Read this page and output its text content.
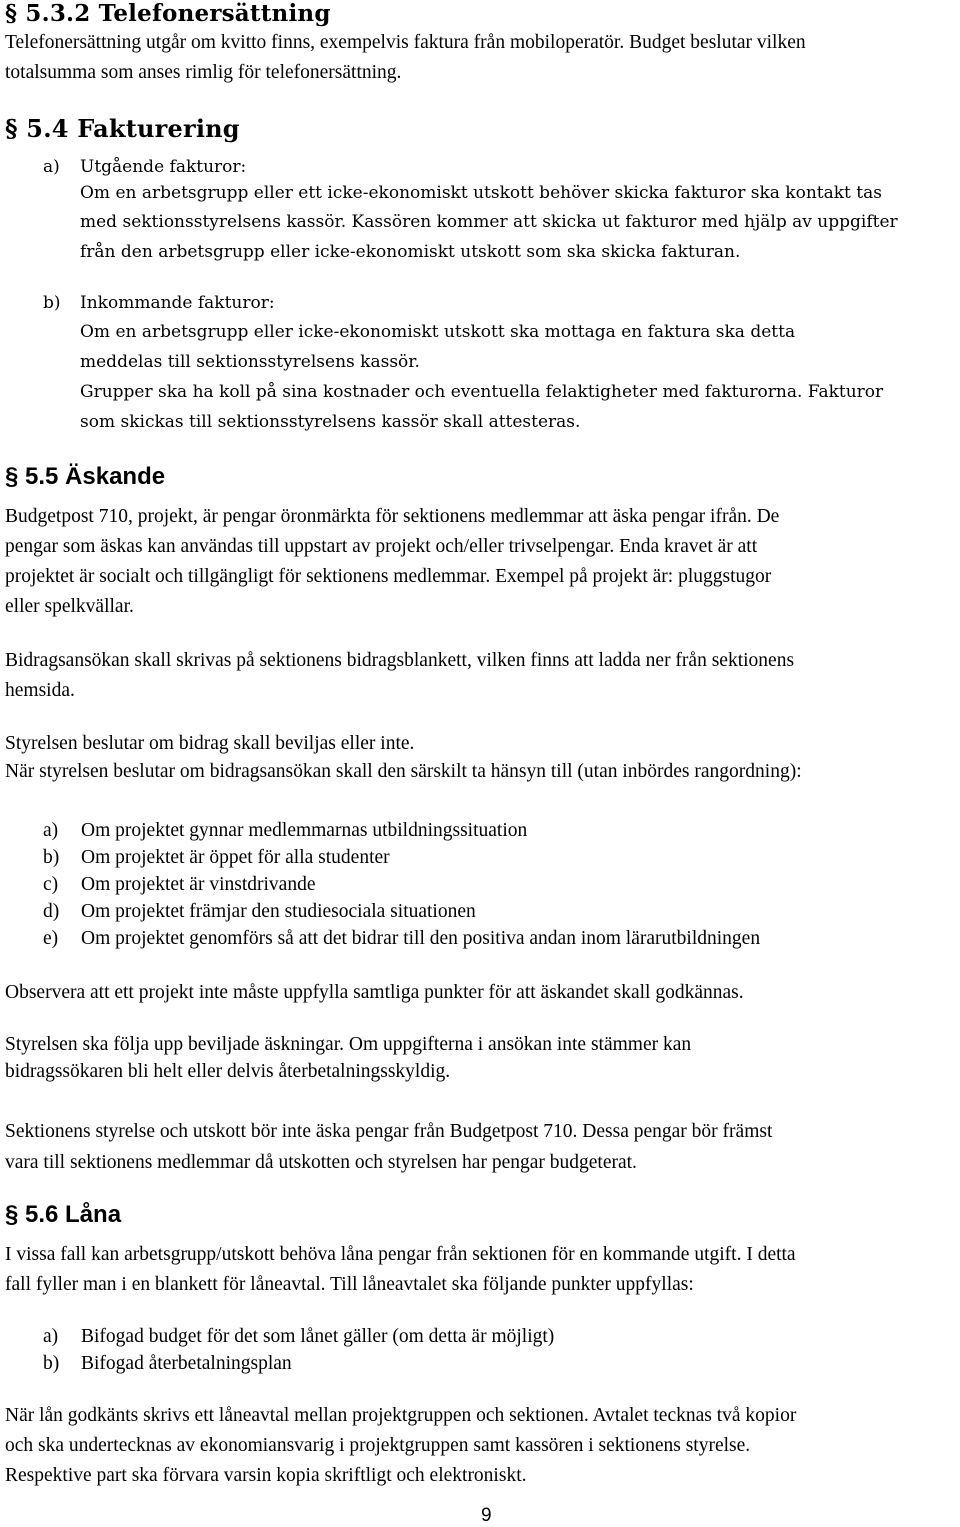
§ 5.3.2 Telefonersättning
Telefonersättning utgår om kvitto finns, exempelvis faktura från mobiloperatör. Budget beslutar vilken
totalsumma som anses rimlig för telefonersättning.
§ 5.4 Fakturering
a) Utgående fakturor:
Om en arbetsgrupp eller ett icke-ekonomiskt utskott behöver skicka fakturor ska kontakt tas
med sektionsstyrelsens kassör. Kassören kommer att skicka ut fakturor med hjälp av uppgifter
från den arbetsgrupp eller icke-ekonomiskt utskott som ska skicka fakturan.
b) Inkommande fakturor:
Om en arbetsgrupp eller icke-ekonomiskt utskott ska mottaga en faktura ska detta
meddelas till sektionsstyrelsens kassör.
Grupper ska ha koll på sina kostnader och eventuella felaktigheter med fakturorna. Fakturor
som skickas till sektionsstyrelsens kassör skall attesteras.
§ 5.5 Äskande
Budgetpost 710, projekt, är pengar öronmärkta för sektionens medlemmar att äska pengar ifrån. De
pengar som äskas kan användas till uppstart av projekt och/eller trivselpengar. Enda kravet är att
projektet är socialt och tillgängligt för sektionens medlemmar. Exempel på projekt är: pluggstugor
eller spelkvällar.
Bidragsansökan skall skrivas på sektionens bidragsblankett, vilken finns att ladda ner från sektionens
hemsida.
Styrelsen beslutar om bidrag skall beviljas eller inte.
När styrelsen beslutar om bidragsansökan skall den särskilt ta hänsyn till (utan inbördes rangordning):
a) Om projektet gynnar medlemmarnas utbildningssituation
b) Om projektet är öppet för alla studenter
c) Om projektet är vinstdrivande
d) Om projektet främjar den studiesociala situationen
e) Om projektet genomförs så att det bidrar till den positiva andan inom lärarutbildningen
Observera att ett projekt inte måste uppfylla samtliga punkter för att äskandet skall godkännas.
Styrelsen ska följa upp beviljade äskningar. Om uppgifterna i ansökan inte stämmer kan
bidragssökaren bli helt eller delvis återbetalningsskyldig.
Sektionens styrelse och utskott bör inte äska pengar från Budgetpost 710. Dessa pengar bör främst
vara till sektionens medlemmar då utskotten och styrelsen har pengar budgeterat.
§ 5.6 Låna
I vissa fall kan arbetsgrupp/utskott behöva låna pengar från sektionen för en kommande utgift. I detta
fall fyller man i en blankett för låneavtal. Till låneavtalet ska följande punkter uppfyllas:
a) Bifogad budget för det som lånet gäller (om detta är möjligt)
b) Bifogad återbetalningsplan
När lån godkänts skrivs ett låneavtal mellan projektgruppen och sektionen. Avtalet tecknas två kopior
och ska undertecknas av ekonomiansvarig i projektgruppen samt kassören i sektionens styrelse.
Respektive part ska förvara varsin kopia skriftligt och elektroniskt.
9
